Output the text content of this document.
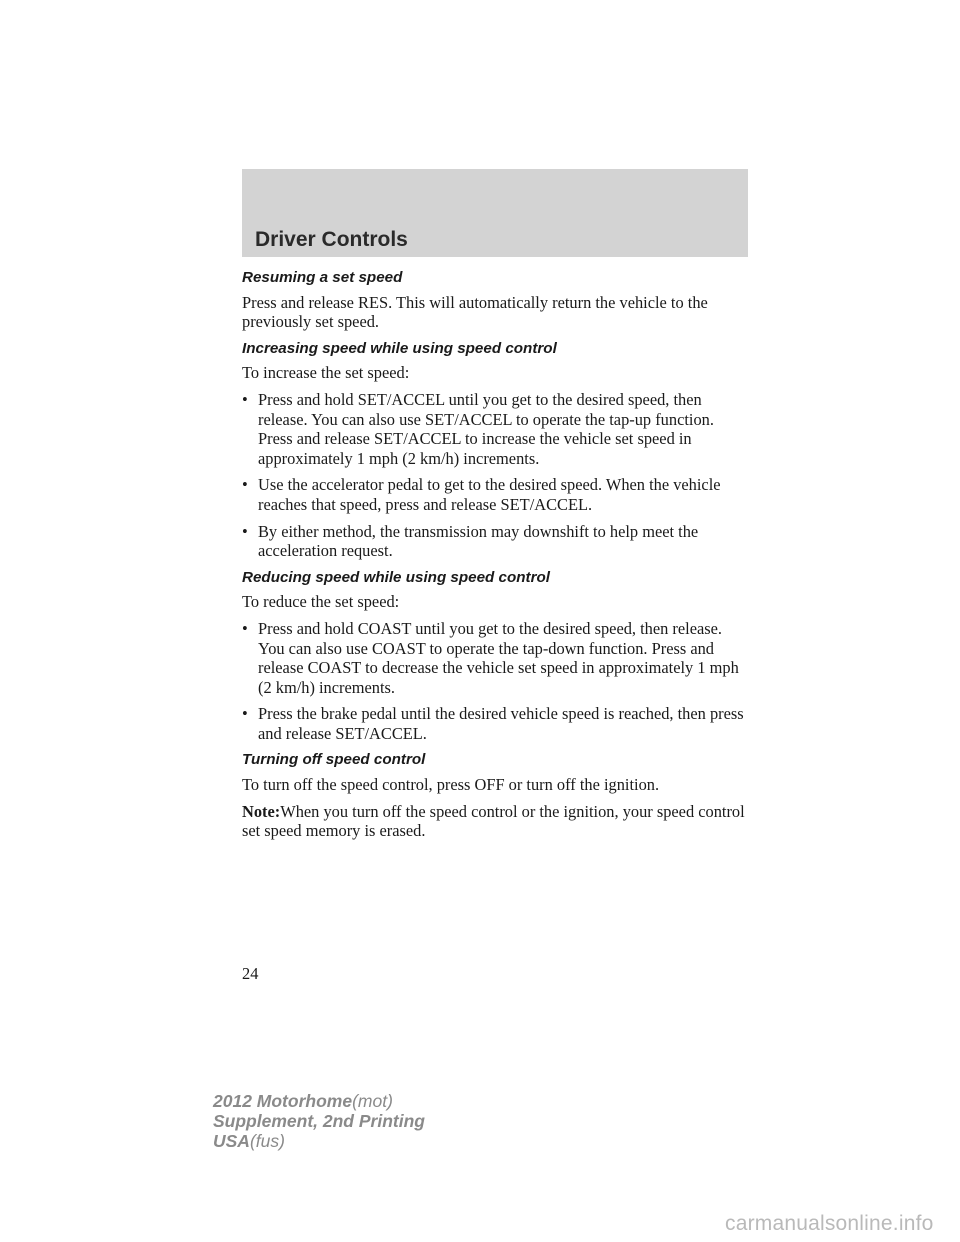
Driver Controls
Resuming a set speed

Press and release RES. This will automatically return the vehicle to the previously set speed.

Increasing speed while using speed control

To increase the set speed:

• Press and hold SET/ACCEL until you get to the desired speed, then release. You can also use SET/ACCEL to operate the tap-up function. Press and release SET/ACCEL to increase the vehicle set speed in approximately 1 mph (2 km/h) increments.
• Use the accelerator pedal to get to the desired speed. When the vehicle reaches that speed, press and release SET/ACCEL.
• By either method, the transmission may downshift to help meet the acceleration request.
Reducing speed while using speed control

To reduce the set speed:

• Press and hold COAST until you get to the desired speed, then release. You can also use COAST to operate the tap-down function. Press and release COAST to decrease the vehicle set speed in approximately 1 mph (2 km/h) increments.
• Press the brake pedal until the desired vehicle speed is reached, then press and release SET/ACCEL.
Turning off speed control

To turn off the speed control, press OFF or turn off the ignition.

Note:When you turn off the speed control or the ignition, your speed control set speed memory is erased.

24
2012 Motorhome(mot)
Supplement, 2nd Printing
USA(fus)
carmanualsonline.info
